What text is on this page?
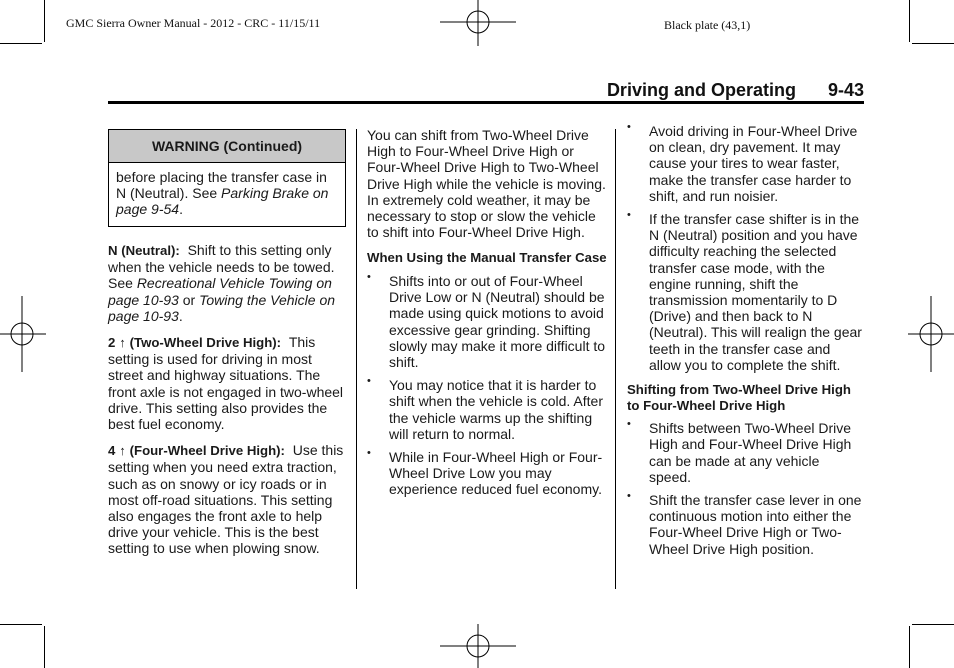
GMC Sierra Owner Manual - 2012 - CRC - 11/15/11	Black plate (43,1)
Driving and Operating 9-43
WARNING (Continued)
before placing the transfer case in N (Neutral). See Parking Brake on page 9-54.

N (Neutral): Shift to this setting only when the vehicle needs to be towed. See Recreational Vehicle Towing on page 10-93 or Towing the Vehicle on page 10-93.

2 ↑ (Two-Wheel Drive High): This setting is used for driving in most street and highway situations. The front axle is not engaged in two-wheel drive. This setting also provides the best fuel economy.

4 ↑ (Four-Wheel Drive High): Use this setting when you need extra traction, such as on snowy or icy roads or in most off-road situations. This setting also engages the front axle to help drive your vehicle. This is the best setting to use when plowing snow.

You can shift from Two-Wheel Drive High to Four-Wheel Drive High or Four-Wheel Drive High to Two-Wheel Drive High while the vehicle is moving. In extremely cold weather, it may be necessary to stop or slow the vehicle to shift into Four-Wheel Drive High.

When Using the Manual Transfer Case
• Shifts into or out of Four-Wheel Drive Low or N (Neutral) should be made using quick motions to avoid excessive gear grinding. Shifting slowly may make it more difficult to shift.
• You may notice that it is harder to shift when the vehicle is cold. After the vehicle warms up the shifting will return to normal.
• While in Four-Wheel High or Four-Wheel Drive Low you may experience reduced fuel economy.
• Avoid driving in Four-Wheel Drive on clean, dry pavement. It may cause your tires to wear faster, make the transfer case harder to shift, and run noisier.
• If the transfer case shifter is in the N (Neutral) position and you have difficulty reaching the selected transfer case mode, with the engine running, shift the transmission momentarily to D (Drive) and then back to N (Neutral). This will realign the gear teeth in the transfer case and allow you to complete the shift.
Shifting from Two-Wheel Drive High to Four-Wheel Drive High
• Shifts between Two-Wheel Drive High and Four-Wheel Drive High can be made at any vehicle speed.
• Shift the transfer case lever in one continuous motion into either the Four-Wheel Drive High or Two-Wheel Drive High position.
